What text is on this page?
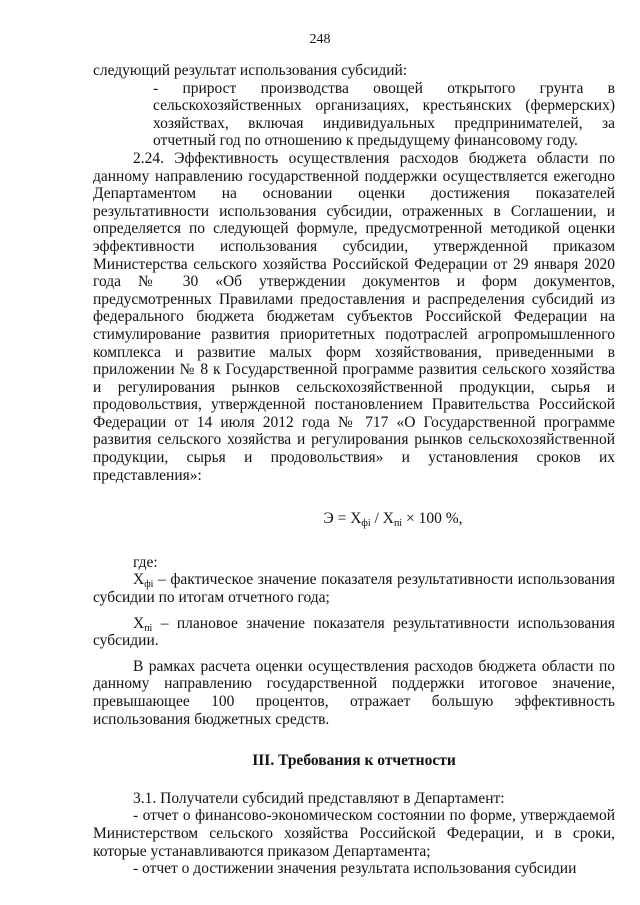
248

следующий результат использования субсидий:

- прирост производства овощей открытого грунта в сельскохозяйственных организациях, крестьянских (фермерских) хозяйствах, включая индивидуальных предпринимателей, за отчетный год по отношению к предыдущему финансовому году.

2.24. Эффективность осуществления расходов бюджета области по данному направлению государственной поддержки осуществляется ежегодно Департаментом на основании оценки достижения показателей результативности использования субсидии, отраженных в Соглашении, и определяется по следующей формуле, предусмотренной методикой оценки эффективности использования субсидии, утвержденной приказом Министерства сельского хозяйства Российской Федерации от 29 января 2020 года № 30 «Об утверждении документов и форм документов, предусмотренных Правилами предоставления и распределения субсидий из федерального бюджета бюджетам субъектов Российской Федерации на стимулирование развития приоритетных подотраслей агропромышленного комплекса и развитие малых форм хозяйствования, приведенными в приложении № 8 к Государственной программе развития сельского хозяйства и регулирования рынков сельскохозяйственной продукции, сырья и продовольствия, утвержденной постановлением Правительства Российской Федерации от 14 июля 2012 года № 717 «О Государственной программе развития сельского хозяйства и регулирования рынков сельскохозяйственной продукции, сырья и продовольствия» и установления сроков их представления»:

$Э = Х_{фi} / Х_{пi} \times 100$ %,

где:

$Х_{фi}$ – фактическое значение показателя результативности использования субсидии по итогам отчетного года;

$Х_{пi}$ – плановое значение показателя результативности использования субсидии.

В рамках расчета оценки осуществления расходов бюджета области по данному направлению государственной поддержки итоговое значение, превышающее 100 процентов, отражает большую эффективность использования бюджетных средств.

III. Требования к отчетности

3.1. Получатели субсидий представляют в Департамент:

- отчет о финансово-экономическом состоянии по форме, утверждаемой Министерством сельского хозяйства Российской Федерации, и в сроки, которые устанавливаются приказом Департамента;

- отчет о достижении значения результата использования субсидии
